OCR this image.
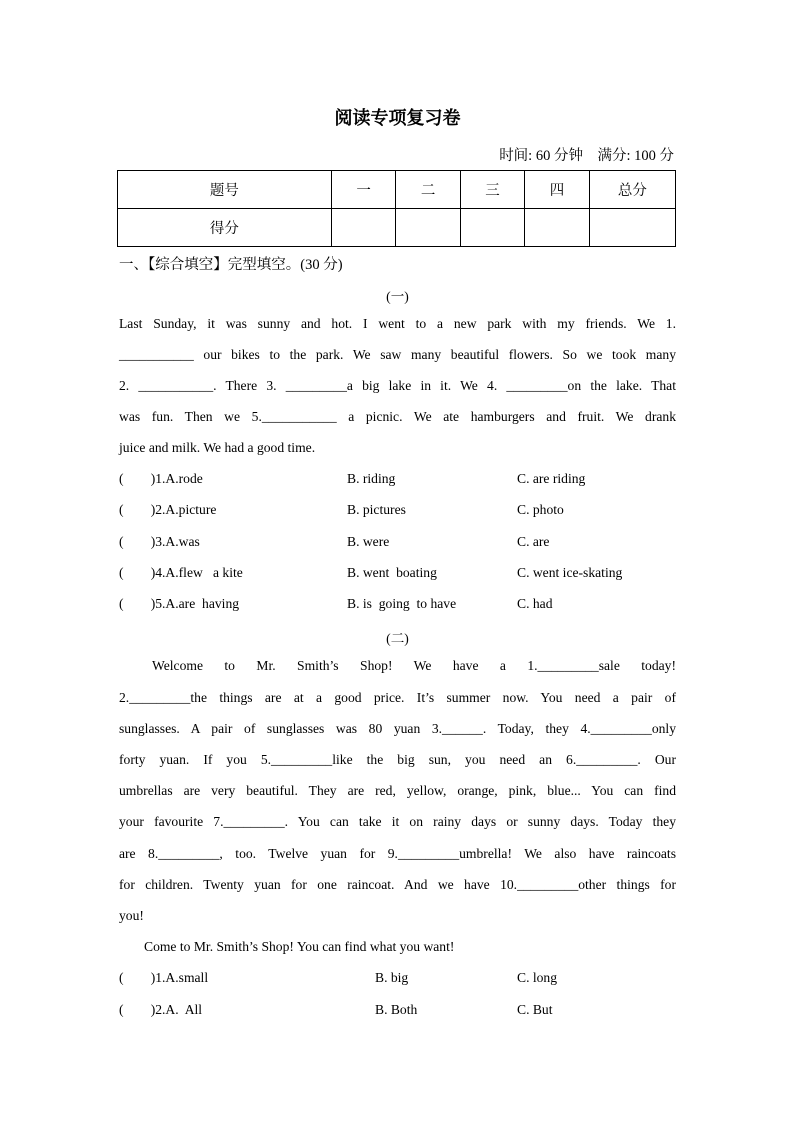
阅读专项复习卷
时间: 60 分钟    满分: 100 分
题号	一	二	三	四	总分
得分					
一、【综合填空】完型填空。(30 分)
(一)
Last Sunday, it was sunny and hot. I went to a new park with my friends. We 1.
___________ our bikes to the park. We saw many beautiful flowers. So we took many
2. ___________. There 3. _________a big lake in it. We 4. _________on the lake. That
was fun. Then we 5.___________ a picnic. We ate hamburgers and fruit. We drank
juice and milk. We had a good time.
(        )1.A.rode	B. riding	C. are riding
(        )2.A.picture	B. pictures	C. photo
(        )3.A.was	B. were	C. are
(        )4.A.flew   a kite	B. went  boating	C. went ice-skating
(        )5.A.are  having	B. is  going  to have	C. had
(二)
Welcome to Mr. Smith’s Shop! We have a 1._________sale today!
2._________the things are at a good price. It’s summer now. You need a pair of
sunglasses. A pair of sunglasses was 80 yuan 3.______. Today, they 4._________only
forty yuan. If you 5._________like the big sun, you need an 6._________. Our
umbrellas are very beautiful. They are red, yellow, orange, pink, blue... You can find
your favourite 7._________. You can take it on rainy days or sunny days. Today they
are 8._________, too. Twelve yuan for 9._________umbrella! We also have raincoats
for children. Twenty yuan for one raincoat. And we have 10._________other things for
you!
Come to Mr. Smith’s Shop! You can find what you want!
(        )1.A.small	B. big	C. long
(        )2.A.  All	B. Both	C. But
